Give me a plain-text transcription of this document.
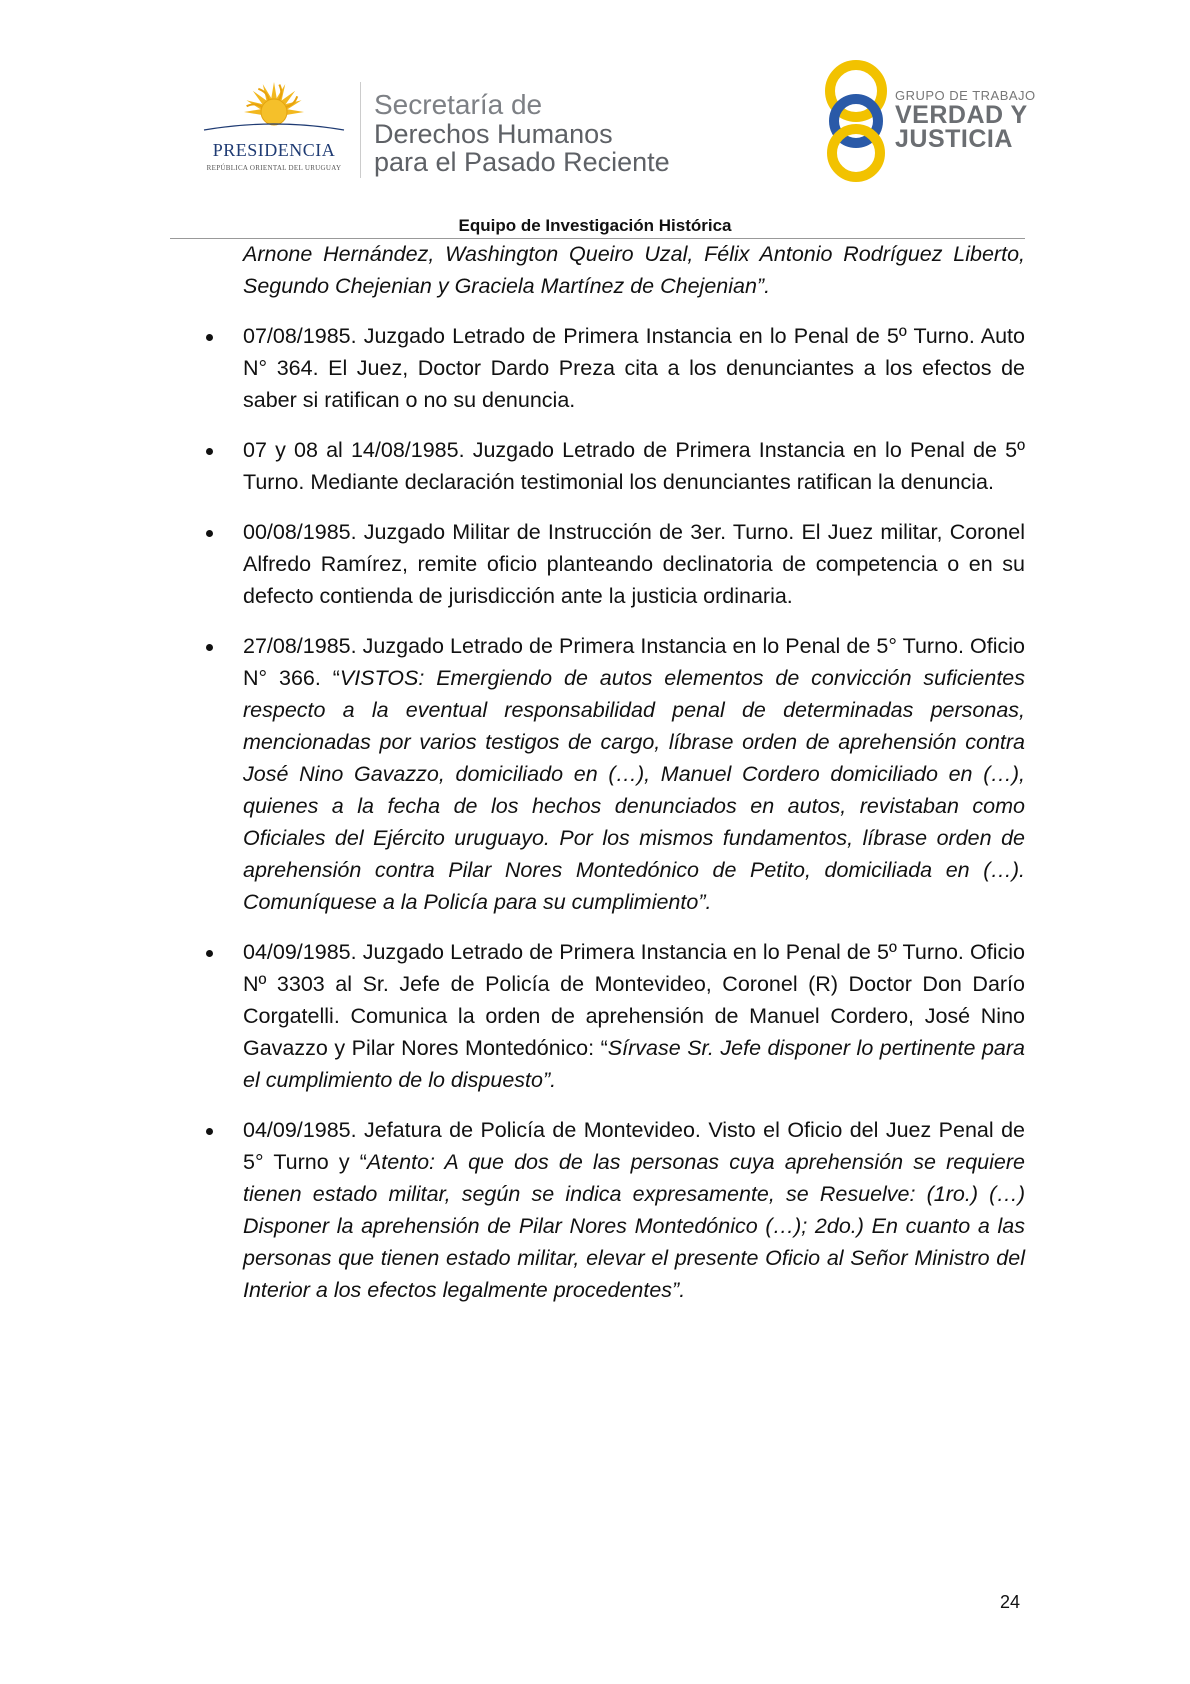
PRESIDENCIA
REPÚBLICA ORIENTAL DEL URUGUAY
Secretaría de
Derechos Humanos
para el Pasado Reciente
GRUPO DE TRABAJO
VERDAD Y
JUSTICIA
Equipo de Investigación Histórica

Arnone Hernández, Washington Queiro Uzal, Félix Antonio Rodríguez Liberto, Segundo Chejenian y Graciela Martínez de Chejenian”.

07/08/1985. Juzgado Letrado de Primera Instancia en lo Penal de 5º Turno. Auto N° 364. El Juez, Doctor Dardo Preza cita a los denunciantes a los efectos de saber si ratifican o no su denuncia.

07 y 08 al 14/08/1985. Juzgado Letrado de Primera Instancia en lo Penal de 5º Turno. Mediante declaración testimonial los denunciantes ratifican la denuncia.

00/08/1985. Juzgado Militar de Instrucción de 3er. Turno. El Juez militar, Coronel Alfredo Ramírez, remite oficio planteando declinatoria de competencia o en su defecto contienda de jurisdicción ante la justicia ordinaria.

27/08/1985. Juzgado Letrado de Primera Instancia en lo Penal de 5° Turno. Oficio N° 366. “VISTOS: Emergiendo de autos elementos de convicción suficientes respecto a la eventual responsabilidad penal de determinadas personas, mencionadas por varios testigos de cargo, líbrase orden de aprehensión contra José Nino Gavazzo, domiciliado en (…), Manuel Cordero domiciliado en (…), quienes a la fecha de los hechos denunciados en autos, revistaban como Oficiales del Ejército uruguayo. Por los mismos fundamentos, líbrase orden de aprehensión contra Pilar Nores Montedónico de Petito, domiciliada en (…). Comuníquese a la Policía para su cumplimiento”.

04/09/1985. Juzgado Letrado de Primera Instancia en lo Penal de 5º Turno. Oficio Nº 3303 al Sr. Jefe de Policía de Montevideo, Coronel (R) Doctor Don Darío Corgatelli. Comunica la orden de aprehensión de Manuel Cordero, José Nino Gavazzo y Pilar Nores Montedónico: “Sírvase Sr. Jefe disponer lo pertinente para el cumplimiento de lo dispuesto”.

04/09/1985. Jefatura de Policía de Montevideo. Visto el Oficio del Juez Penal de 5° Turno y “Atento: A que dos de las personas cuya aprehensión se requiere tienen estado militar, según se indica expresamente, se Resuelve: (1ro.) (…) Disponer la aprehensión de Pilar Nores Montedónico (…); 2do.) En cuanto a las personas que tienen estado militar, elevar el presente Oficio al Señor Ministro del Interior a los efectos legalmente procedentes”.

24
